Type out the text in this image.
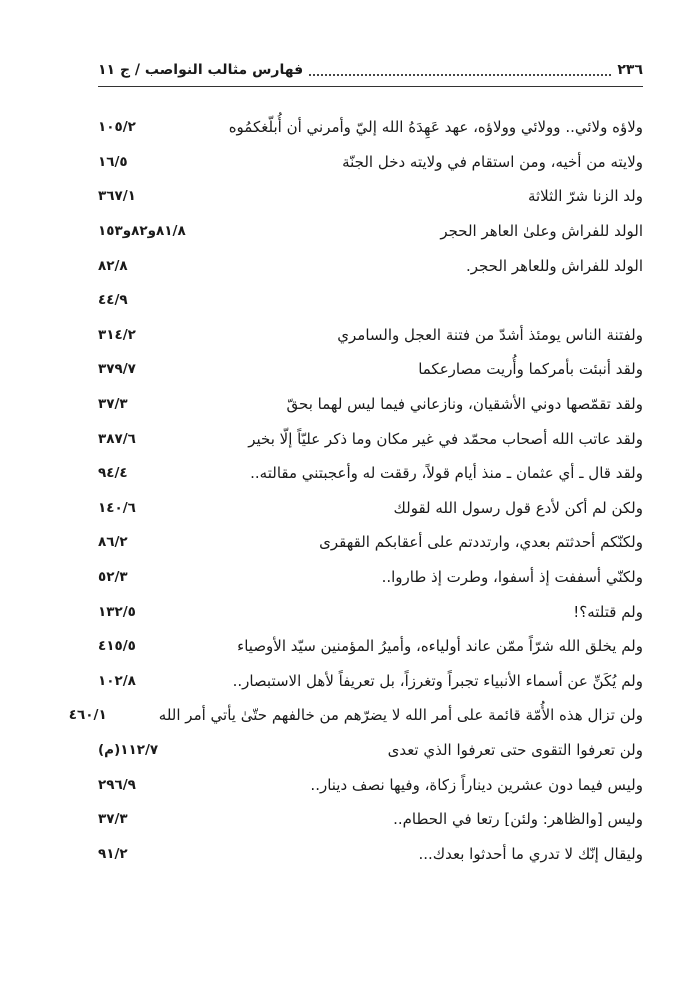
٢٣٦
فهارس مثالب النواصب / ج ١١
ولاؤه ولائي.. وولائي وولاؤه، عهد عَهِدَهُ الله إليّ وأمرني أن أُبلّغكمُوه
١٠٥/٢
ولايته من أخيه، ومن استقام في ولايته دخل الجنّة
١٦/٥
ولد الزنا شرّ الثلاثة
٣٦٧/١
الولد للفراش وعلىٰ العاهر الحجر
٨١/٨و٨٢و١٥٣
الولد للفراش وللعاهر الحجر.
٨٢/٨
٤٤/٩
ولفتنة الناس يومئذ أشدّ من فتنة العجل والسامري
٣١٤/٢
ولقد أنبئت بأمركما وأُريت مصارعكما
٣٧٩/٧
ولقد تقمّصها دوني الأشقيان، ونازعاني فيما ليس لهما بحقّ
٣٧/٣
ولقد عاتب الله أصحاب محمّد في غير مكان وما ذكر عليّاً إلّا بخير
٣٨٧/٦
ولقد قال ـ أي عثمان ـ منذ أيام قولاً، رققت له وأعجبتني مقالته..
٩٤/٤
ولكن لم أكن لأدع قول رسول الله لقولك
١٤٠/٦
ولكنّكم أحدثتم بعدي، وارتددتم على أعقابكم القهقرى
٨٦/٢
ولكنّي أسففت إذ أسفوا، وطرت إذ طاروا..
٥٢/٣
ولم قتلته؟!
١٣٢/٥
ولم يخلق الله شرّاً ممّن عاند أولياءه، وأميرُ المؤمنين سيّد الأوصياء
٤١٥/٥
ولم يُكَنِّ عن أسماء الأنبياء تجبراً وتغرزاً، بل تعريفاً لأهل الاستبصار..
١٠٢/٨
ولن تزال هذه الأُمّة قائمة على أمر الله لا يضرّهم من خالفهم حتّىٰ يأتي أمر الله
٤٦٠/١
ولن تعرفوا التقوى حتى تعرفوا الذي تعدى
١١٢/٧(م)
وليس فيما دون عشرين ديناراً زكاة، وفيها نصف دينار..
٢٩٦/٩
وليس [والظاهر: ولئن] رتعا في الحطام..
٣٧/٣
وليقال إنّك لا تدري ما أحدثوا بعدك...
٩١/٢
